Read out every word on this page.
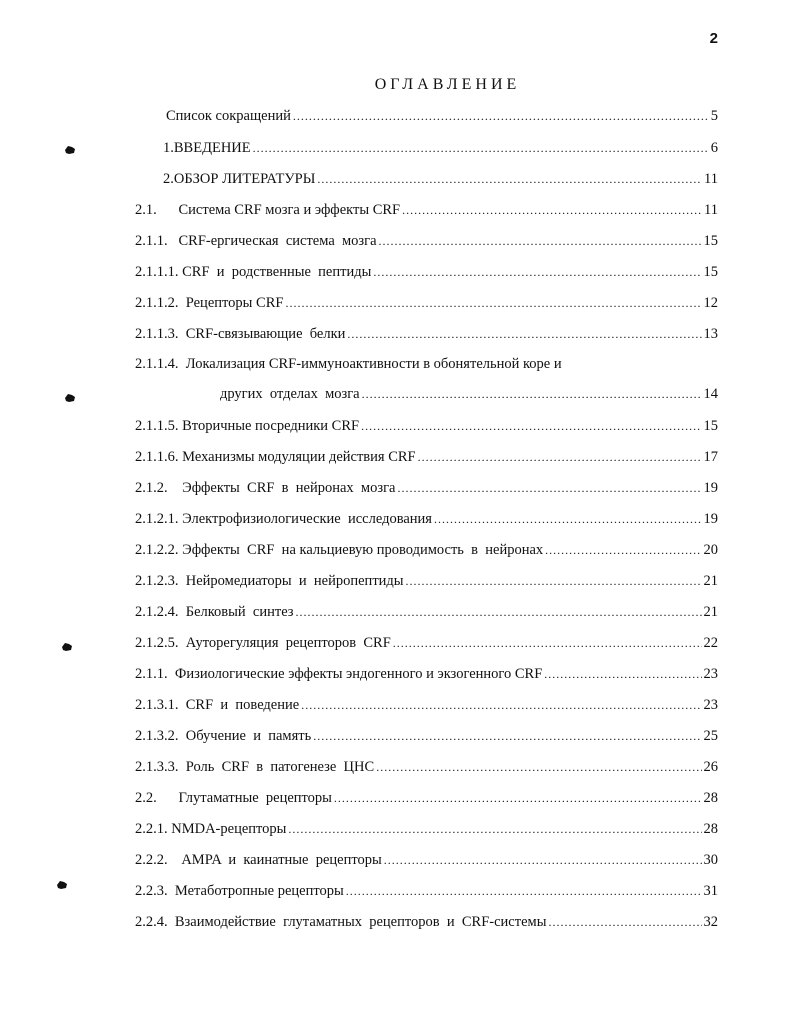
2
ОГЛАВЛЕНИЕ
Список сокращений .....	5
1.ВВЕДЕНИЕ .....	6
2.ОБЗОР ЛИТЕРАТУРЫ .....	11
2.1.      Система CRF мозга и эффекты CRF .....	11
2.1.1.   CRF-ергическая  система  мозга .....	15
2.1.1.1. CRF  и  родственные  пептиды .....	15
2.1.1.2.  Рецепторы CRF .....	12
2.1.1.3.  CRF-связывающие  белки .....	13
2.1.1.4.  Локализация CRF-иммуноактивности в обонятельной коре и
других  отделах  мозга .....	14
2.1.1.5. Вторичные посредники CRF .....	15
2.1.1.6. Механизмы модуляции действия CRF .....	17
2.1.2.    Эффекты  CRF  в  нейронах  мозга .....	19
2.1.2.1. Электрофизиологические  исследования .....	19
2.1.2.2. Эффекты  CRF  на кальциевую проводимость  в  нейронах .....	20
2.1.2.3.  Нейромедиаторы  и  нейропептиды .....	21
2.1.2.4.  Белковый  синтез .....	21
2.1.2.5.  Ауторегуляция  рецепторов  CRF .....	22
2.1.1.  Физиологические эффекты эндогенного и экзогенного CRF .....	23
2.1.3.1.  CRF  и  поведение .....	23
2.1.3.2.  Обучение  и  память .....	25
2.1.3.3.  Роль  CRF  в  патогенезе  ЦНС .....	26
2.2.      Глутаматные  рецепторы .....	28
2.2.1. NMDA-рецепторы .....	28
2.2.2.    AMPA  и  каинатные  рецепторы .....	30
2.2.3.  Метаботропные рецепторы .....	31
2.2.4.  Взаимодействие  глутаматных  рецепторов  и  CRF-системы .....	32
